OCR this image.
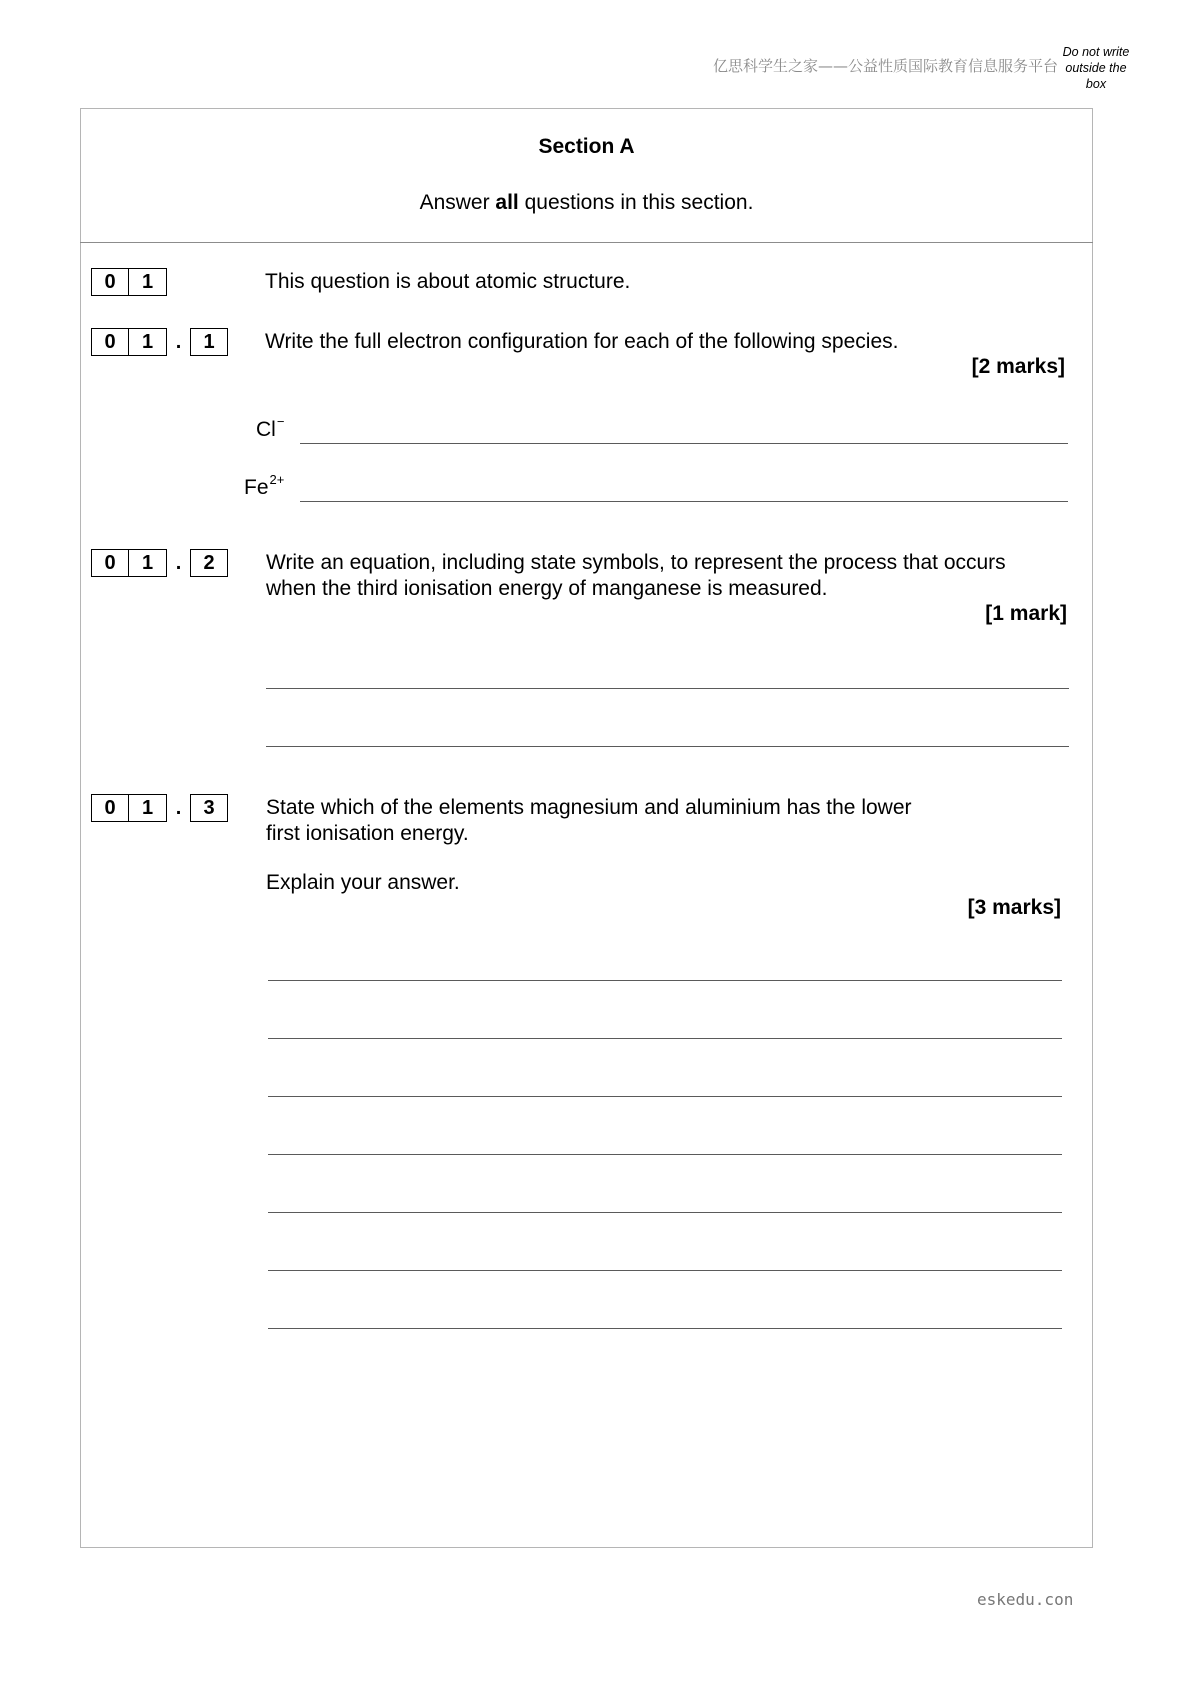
亿思科学生之家——公益性质国际教育信息服务平台
Do not write outside the box
Section A
Answer all questions in this section.
0	1	This question is about atomic structure.
0	1	.	1	Write the full electron configuration for each of the following species.
[2 marks]
Cl−
$Fe^{2+}$
0	1	.	2	Write an equation, including state symbols, to represent the process that occurs
when the third ionisation energy of manganese is measured.
[1 mark]
0	1	.	3	State which of the elements magnesium and aluminium has the lower
first ionisation energy.
Explain your answer.
[3 marks]
eskedu.con
